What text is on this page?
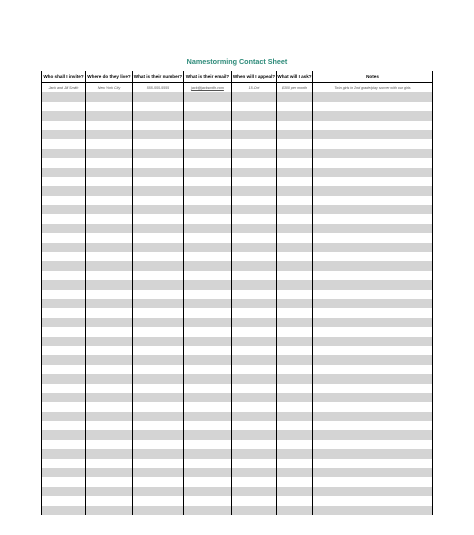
Namestorming Contact Sheet
Who shall I invite?	Where do they live?	What is their number?	What is their email?	When will I appeal?	What will I ask?	Notes
Jack and Jill Smith	New York City	555-555-5555	jack@jacksmith.com	15-Oct	$300 per month	Twin girls in 2nd grade/play soccer with our girls
